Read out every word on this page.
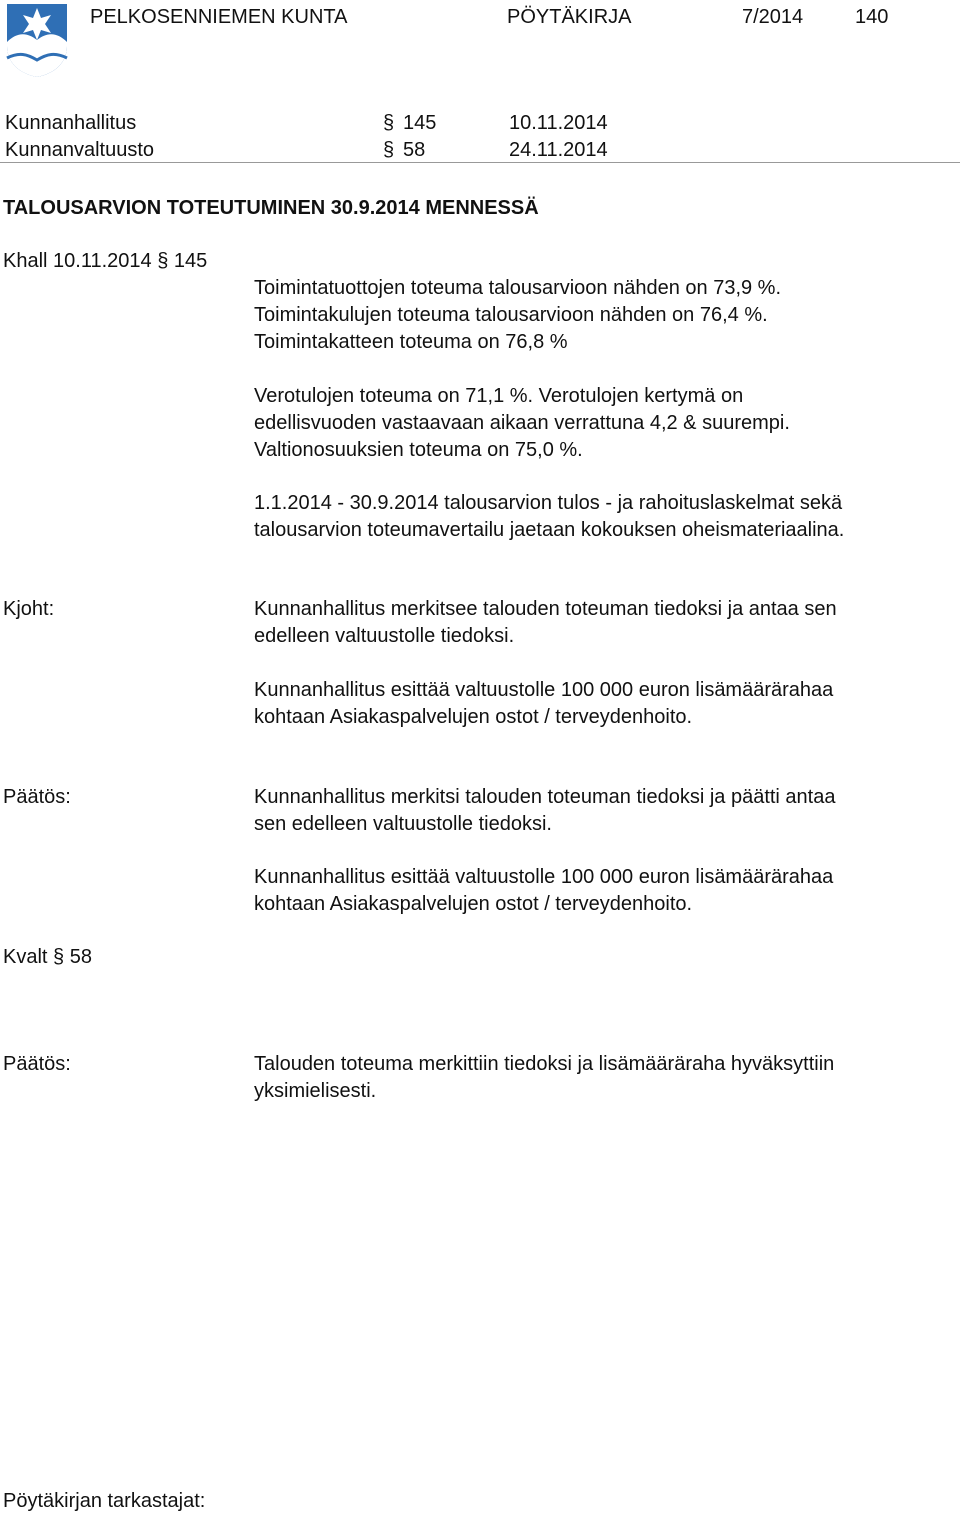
PELKOSENNIEMEN KUNTA	PÖYTÄKIRJA	7/2014	140
Kunnanhallitus	§ 145	10.11.2014
Kunnanvaltuusto	§ 58	24.11.2014
TALOUSARVION TOTEUTUMINEN 30.9.2014 MENNESSÄ
Khall 10.11.2014 § 145
Toimintatuottojen toteuma talousarvioon nähden on 73,9 %.
Toimintakulujen toteuma talousarvioon nähden on 76,4 %.
Toimintakatteen toteuma on 76,8 %
Verotulojen toteuma on 71,1 %. Verotulojen kertymä on
edellisvuoden vastaavaan aikaan verrattuna 4,2 & suurempi.
Valtionosuuksien toteuma on 75,0 %.
1.1.2014 - 30.9.2014 talousarvion tulos - ja rahoituslaskelmat sekä
talousarvion toteumavertailu jaetaan kokouksen oheismateriaalina.
Kjoht:	Kunnanhallitus merkitsee talouden toteuman tiedoksi ja antaa sen
edelleen valtuustolle tiedoksi.
Kunnanhallitus esittää valtuustolle 100 000 euron lisämäärärahaa
kohtaan Asiakaspalvelujen ostot / terveydenhoito.
Päätös:	Kunnanhallitus merkitsi talouden toteuman tiedoksi ja päätti antaa
sen edelleen valtuustolle tiedoksi.
Kunnanhallitus esittää valtuustolle 100 000 euron lisämäärärahaa
kohtaan Asiakaspalvelujen ostot / terveydenhoito.
Kvalt § 58
Päätös:	Talouden toteuma merkittiin tiedoksi ja lisämääräraha hyväksyttiin
yksimielisesti.
Pöytäkirjan tarkastajat:
